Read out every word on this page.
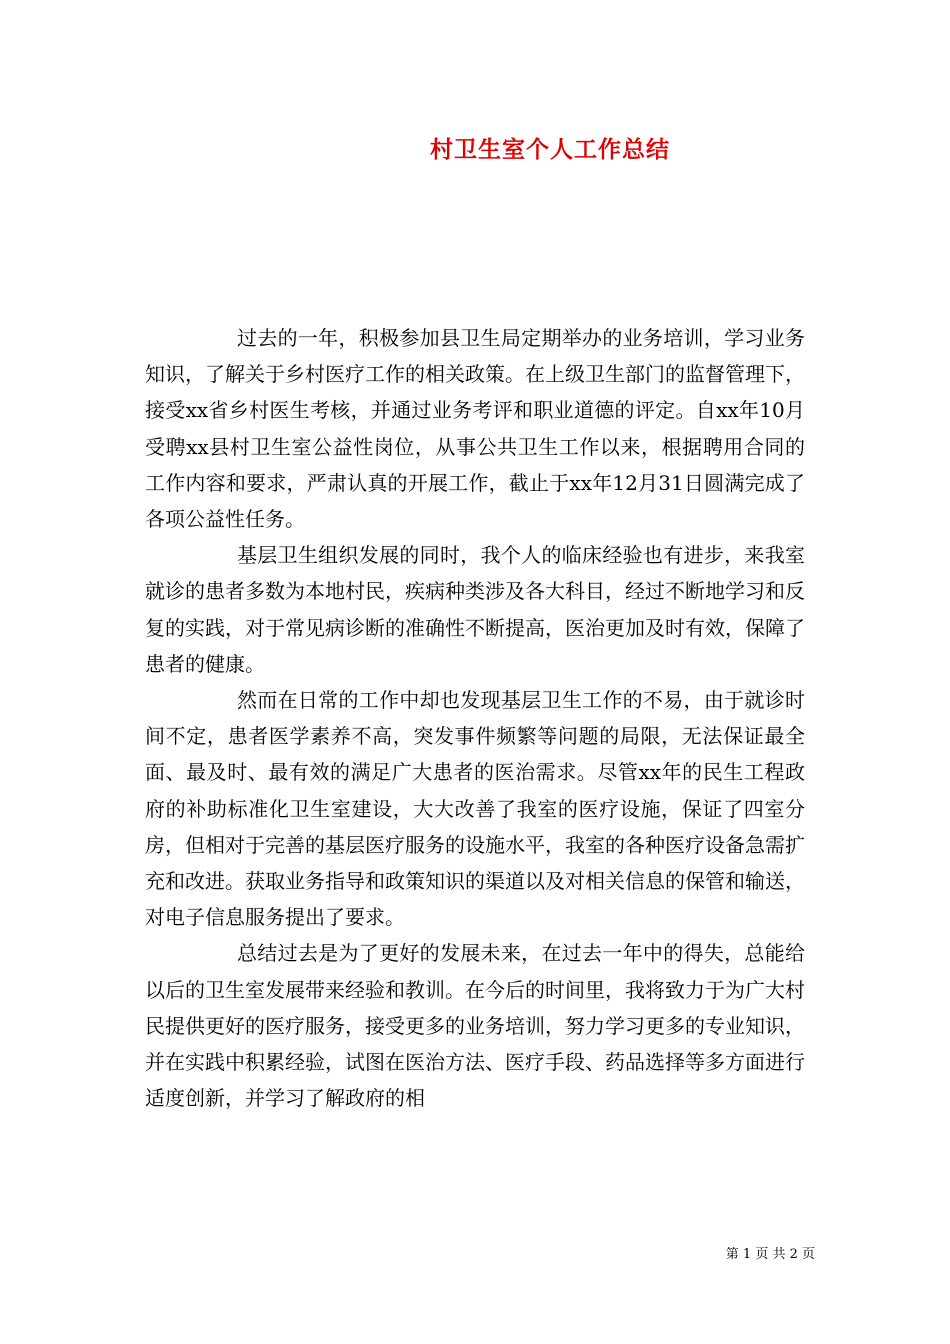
村卫生室个人工作总结

过去的一年，积极参加县卫生局定期举办的业务培训，学习业务知识，了解关于乡村医疗工作的相关政策。在上级卫生部门的监督管理下，接受xx省乡村医生考核，并通过业务考评和职业道德的评定。自xx年10月受聘xx县村卫生室公益性岗位，从事公共卫生工作以来，根据聘用合同的工作内容和要求，严肃认真的开展工作，截止于xx年12月31日圆满完成了各项公益性任务。

基层卫生组织发展的同时，我个人的临床经验也有进步，来我室就诊的患者多数为本地村民，疾病种类涉及各大科目，经过不断地学习和反复的实践，对于常见病诊断的准确性不断提高，医治更加及时有效，保障了患者的健康。

然而在日常的工作中却也发现基层卫生工作的不易，由于就诊时间不定，患者医学素养不高，突发事件频繁等问题的局限，无法保证最全面、最及时、最有效的满足广大患者的医治需求。尽管xx年的民生工程政府的补助标准化卫生室建设，大大改善了我室的医疗设施，保证了四室分房，但相对于完善的基层医疗服务的设施水平，我室的各种医疗设备急需扩充和改进。获取业务指导和政策知识的渠道以及对相关信息的保管和输送，对电子信息服务提出了要求。

总结过去是为了更好的发展未来，在过去一年中的得失，总能给以后的卫生室发展带来经验和教训。在今后的时间里，我将致力于为广大村民提供更好的医疗服务，接受更多的业务培训，努力学习更多的专业知识，并在实践中积累经验，试图在医治方法、医疗手段、药品选择等多方面进行适度创新，并学习了解政府的相

第 1 页 共 2 页
